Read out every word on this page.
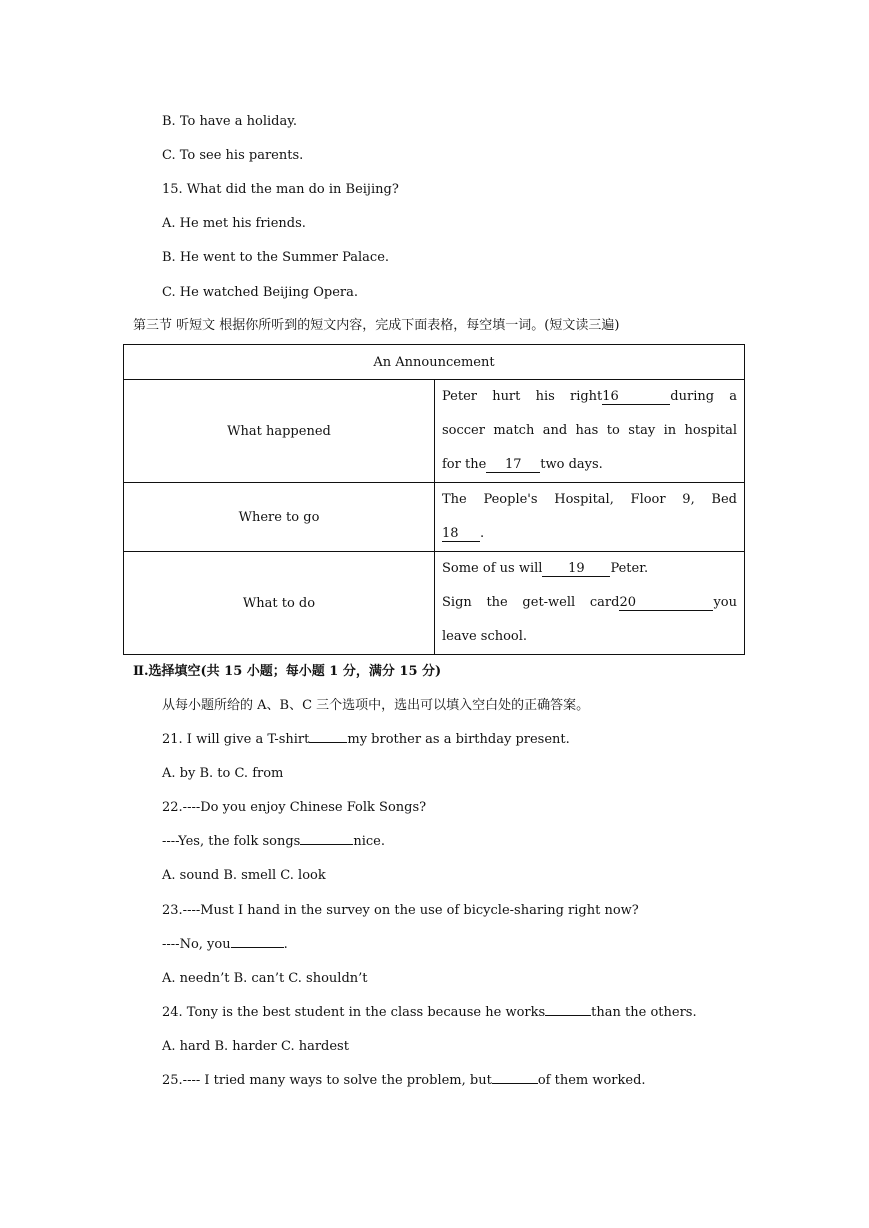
B. To have a holiday.
C. To see his parents.
15. What did the man do in Beijing?
A. He met his friends.
B. He went to the Summer Palace.
C. He watched Beijing Opera.
第三节 听短文 根据你所听到的短文内容，完成下面表格，每空填一词。(短文读三遍)
An Announcement	
What happened	Peter hurt his right16 during a
soccer match and has to stay in hospital
for the 17 two days.

Where to go	The People's Hospital, Floor 9, Bed
18 .

What to do	Some of us will 19 Peter.
Sign the get-well card20 you
leave school.
Ⅱ.选择填空(共 15 小题；每小题 1 分，满分 15 分)
从每小题所给的 A、B、C 三个选项中，选出可以填入空白处的正确答案。
21. I will give a T-shirt	my brother as a birthday present.
A. by B. to C. from
22.----Do you enjoy Chinese Folk Songs?
----Yes, the folk songs	nice.
A. sound B. smell C. look
23.----Must I hand in the survey on the use of bicycle-sharing right now?
----No, you	.
A. needn’t B. can’t C. shouldn’t
24. Tony is the best student in the class because he works	than the others.
A. hard B. harder C. hardest
25.---- I tried many ways to solve the problem, but	of them worked.
